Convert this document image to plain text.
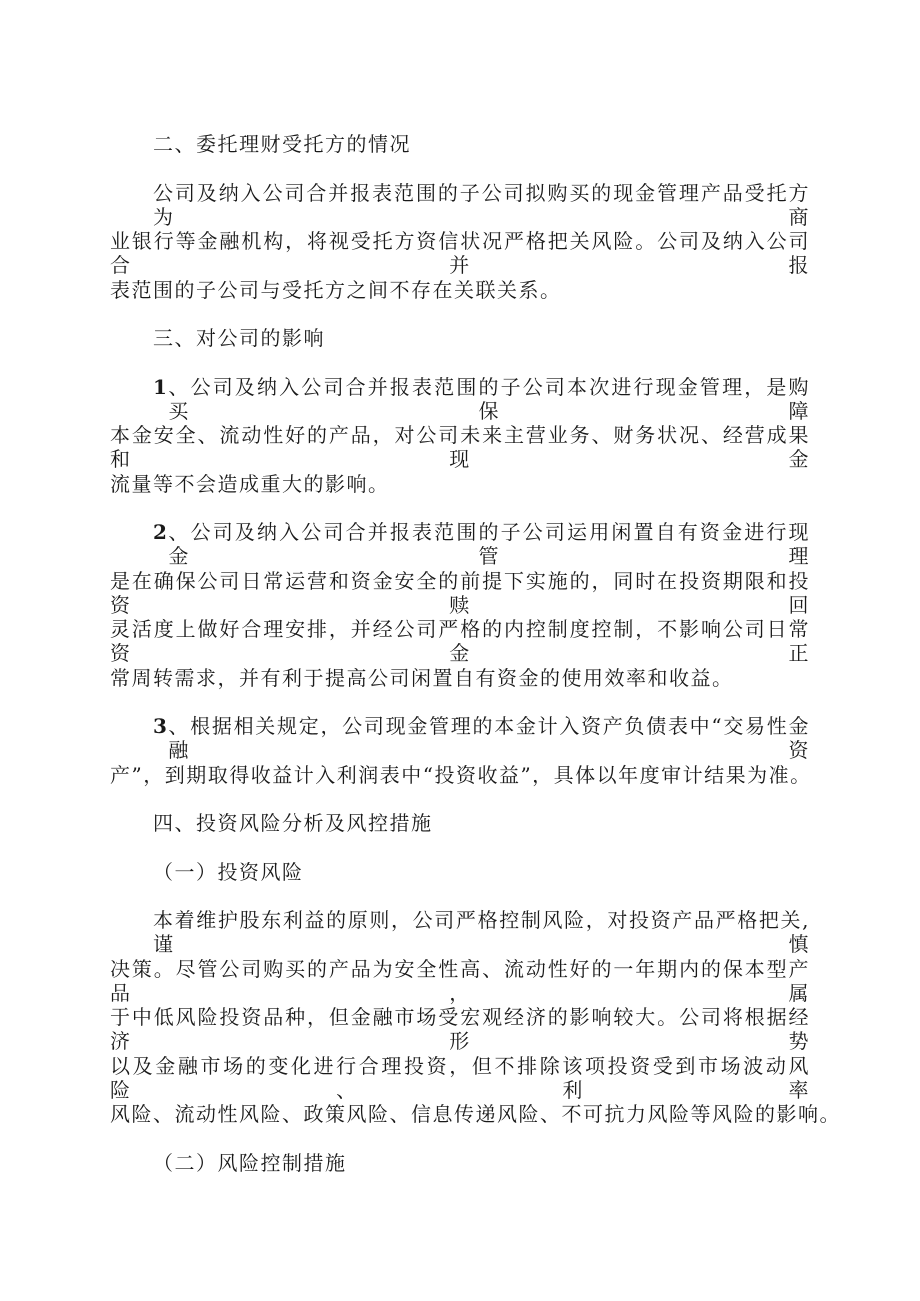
二、委托理财受托方的情况
公司及纳入公司合并报表范围的子公司拟购买的现金管理产品受托方为商
业银行等金融机构，将视受托方资信状况严格把关风险。公司及纳入公司合并报
表范围的子公司与受托方之间不存在关联关系。
三、对公司的影响
1 、公司及纳入公司合并报表范围的子公司本次进行现金管理，是购买保障
本金安全、流动性好的产品，对公司未来主营业务、财务状况、经营成果和现金
流量等不会造成重大的影响。
2 、公司及纳入公司合并报表范围的子公司运用闲置自有资金进行现金管理
是在确保公司日常运营和资金安全的前提下实施的，同时在投资期限和投资赎回
灵活度上做好合理安排，并经公司严格的内控制度控制，不影响公司日常资金正
常周转需求，并有利于提高公司闲置自有资金的使用效率和收益。
3 、根据相关规定，公司现金管理的本金计入资产负债表中“交易性金融资
产”，到期取得收益计入利润表中“投资收益”，具体以年度审计结果为准。
四、投资风险分析及风控措施
（一）投资风险
本着维护股东利益的原则，公司严格控制风险，对投资产品严格把关,谨慎
决策。尽管公司购买的产品为安全性高、流动性好的一年期内的保本型产品，属
于中低风险投资品种，但金融市场受宏观经济的影响较大。公司将根据经济形势
以及金融市场的变化进行合理投资，但不排除该项投资受到市场波动风险、利率
风险、流动性风险、政策风险、信息传递风险、不可抗力风险等风险的影响。
（二）风险控制措施
